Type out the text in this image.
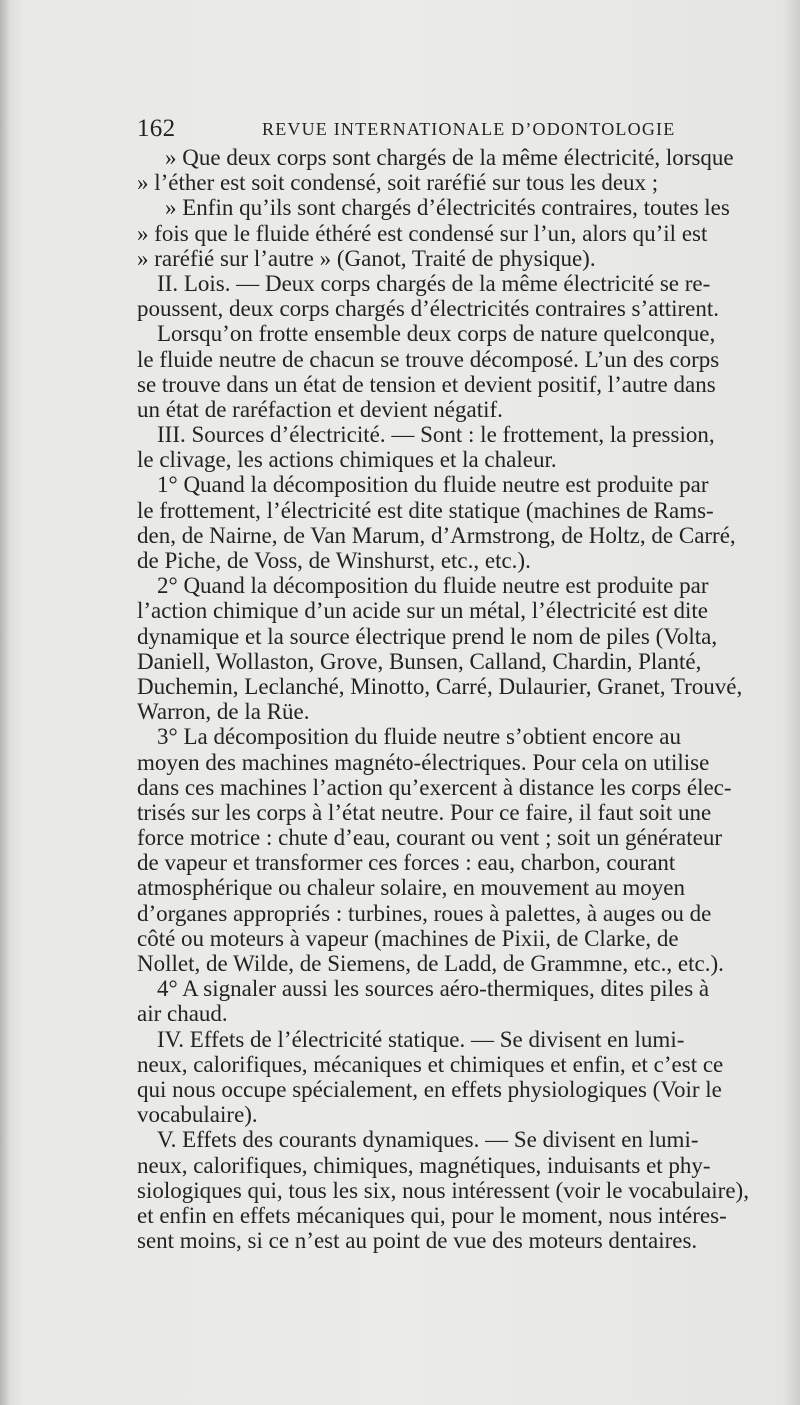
162	REVUE INTERNATIONALE D’ODONTOLOGIE
» Que deux corps sont chargés de la même électricité, lorsque
» l’éther est soit condensé, soit raréfié sur tous les deux ;
» Enfin qu’ils sont chargés d’électricités contraires, toutes les
» fois que le fluide éthéré est condensé sur l’un, alors qu’il est
» raréfié sur l’autre » (Ganot, Traité de physique).
II. Lois. — Deux corps chargés de la même électricité se re-
poussent, deux corps chargés d’électricités contraires s’attirent.
Lorsqu’on frotte ensemble deux corps de nature quelconque,
le fluide neutre de chacun se trouve décomposé. L’un des corps
se trouve dans un état de tension et devient positif, l’autre dans
un état de raréfaction et devient négatif.
III. Sources d’électricité. — Sont : le frottement, la pression,
le clivage, les actions chimiques et la chaleur.
1° Quand la décomposition du fluide neutre est produite par
le frottement, l’électricité est dite statique (machines de Rams-
den, de Nairne, de Van Marum, d’Armstrong, de Holtz, de Carré,
de Piche, de Voss, de Winshurst, etc., etc.).
2° Quand la décomposition du fluide neutre est produite par
l’action chimique d’un acide sur un métal, l’électricité est dite
dynamique et la source électrique prend le nom de piles (Volta,
Daniell, Wollaston, Grove, Bunsen, Calland, Chardin, Planté,
Duchemin, Leclanché, Minotto, Carré, Dulaurier, Granet, Trouvé,
Warron, de la Rüe.
3° La décomposition du fluide neutre s’obtient encore au
moyen des machines magnéto-électriques. Pour cela on utilise
dans ces machines l’action qu’exercent à distance les corps élec-
trisés sur les corps à l’état neutre. Pour ce faire, il faut soit une
force motrice : chute d’eau, courant ou vent ; soit un générateur
de vapeur et transformer ces forces : eau, charbon, courant
atmosphérique ou chaleur solaire, en mouvement au moyen
d’organes appropriés : turbines, roues à palettes, à auges ou de
côté ou moteurs à vapeur (machines de Pixii, de Clarke, de
Nollet, de Wilde, de Siemens, de Ladd, de Grammne, etc., etc.).
4° A signaler aussi les sources aéro-thermiques, dites piles à
air chaud.
IV. Effets de l’électricité statique. — Se divisent en lumi-
neux, calorifiques, mécaniques et chimiques et enfin, et c’est ce
qui nous occupe spécialement, en effets physiologiques (Voir le
vocabulaire).
V. Effets des courants dynamiques. — Se divisent en lumi-
neux, calorifiques, chimiques, magnétiques, induisants et phy-
siologiques qui, tous les six, nous intéressent (voir le vocabulaire),
et enfin en effets mécaniques qui, pour le moment, nous intéres-
sent moins, si ce n’est au point de vue des moteurs dentaires.
